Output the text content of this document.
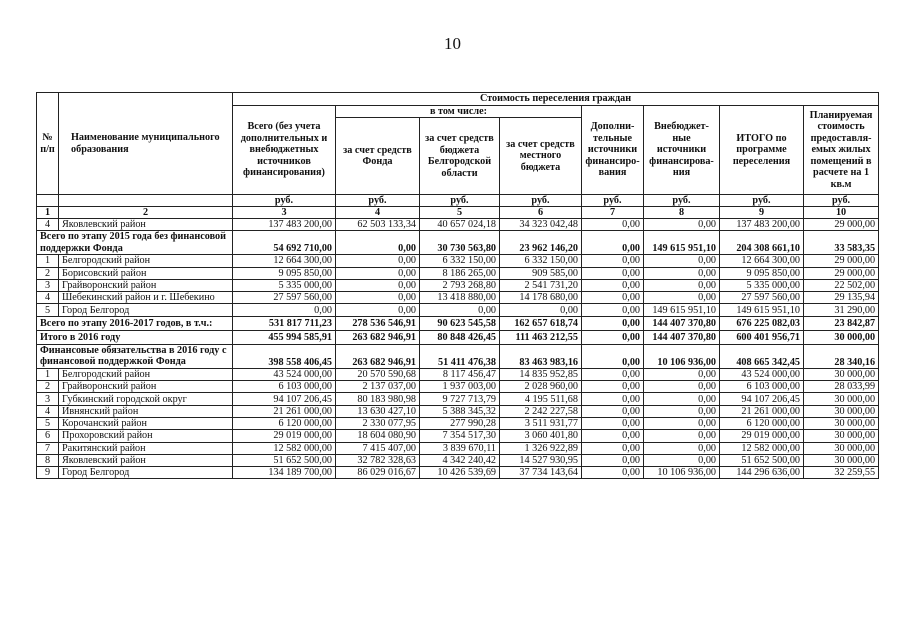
10
№ п/п	Наименование муниципального образования	Стоимость переселения граждан							
		Всего (без учета дополнительных и внебюджетных источников финансирования)	в том числе:			Дополни-тельные источники финансиро-вания	Внебюджет-ные источники финансирова-ния	ИТОГО по программе переселения	Планируемая стоимость предоставля-емых жилых помещений в расчете на 1 кв.м
			за счет средств Фонда	за счет средств бюджета Белгородской области	за счет средств местного бюджета				
		руб.	руб.	руб.	руб.	руб.	руб.	руб.	руб.
1	2	3	4	5	6	7	8	9	10
4	Яковлевский район	137 483 200,00	62 503 133,34	40 657 024,18	34 323 042,48	0,00	0,00	137 483 200,00	29 000,00
Всего по этапу 2015 года без финансовой поддержки Фонда		54 692 710,00	0,00	30 730 563,80	23 962 146,20	0,00	149 615 951,10	204 308 661,10	33 583,35
1	Белгородский район	12 664 300,00	0,00	6 332 150,00	6 332 150,00	0,00	0,00	12 664 300,00	29 000,00
2	Борисовский район	9 095 850,00	0,00	8 186 265,00	909 585,00	0,00	0,00	9 095 850,00	29 000,00
3	Грайворонский район	5 335 000,00	0,00	2 793 268,80	2 541 731,20	0,00	0,00	5 335 000,00	22 502,00
4	Шебекинский район и г. Шебекино	27 597 560,00	0,00	13 418 880,00	14 178 680,00	0,00	0,00	27 597 560,00	29 135,94
5	Город Белгород	0,00	0,00	0,00	0,00	0,00	149 615 951,10	149 615 951,10	31 290,00
Всего по этапу 2016-2017 годов, в т.ч.:		531 817 711,23	278 536 546,91	90 623 545,58	162 657 618,74	0,00	144 407 370,80	676 225 082,03	23 842,87
Итого в 2016 году		455 994 585,91	263 682 946,91	80 848 426,45	111 463 212,55	0,00	144 407 370,80	600 401 956,71	30 000,00
Финансовые обязательства в 2016 году с финансовой поддержкой Фонда		398 558 406,45	263 682 946,91	51 411 476,38	83 463 983,16	0,00	10 106 936,00	408 665 342,45	28 340,16
1	Белгородский район	43 524 000,00	20 570 590,68	8 117 456,47	14 835 952,85	0,00	0,00	43 524 000,00	30 000,00
2	Грайворонский район	6 103 000,00	2 137 037,00	1 937 003,00	2 028 960,00	0,00	0,00	6 103 000,00	28 033,99
3	Губкинский городской округ	94 107 206,45	80 183 980,98	9 727 713,79	4 195 511,68	0,00	0,00	94 107 206,45	30 000,00
4	Ивнянский район	21 261 000,00	13 630 427,10	5 388 345,32	2 242 227,58	0,00	0,00	21 261 000,00	30 000,00
5	Корочанский район	6 120 000,00	2 330 077,95	277 990,28	3 511 931,77	0,00	0,00	6 120 000,00	30 000,00
6	Прохоровский район	29 019 000,00	18 604 080,90	7 354 517,30	3 060 401,80	0,00	0,00	29 019 000,00	30 000,00
7	Ракитянский район	12 582 000,00	7 415 407,00	3 839 670,11	1 326 922,89	0,00	0,00	12 582 000,00	30 000,00
8	Яковлевский район	51 652 500,00	32 782 328,63	4 342 240,42	14 527 930,95	0,00	0,00	51 652 500,00	30 000,00
9	Город Белгород	134 189 700,00	86 029 016,67	10 426 539,69	37 734 143,64	0,00	10 106 936,00	144 296 636,00	32 259,55
